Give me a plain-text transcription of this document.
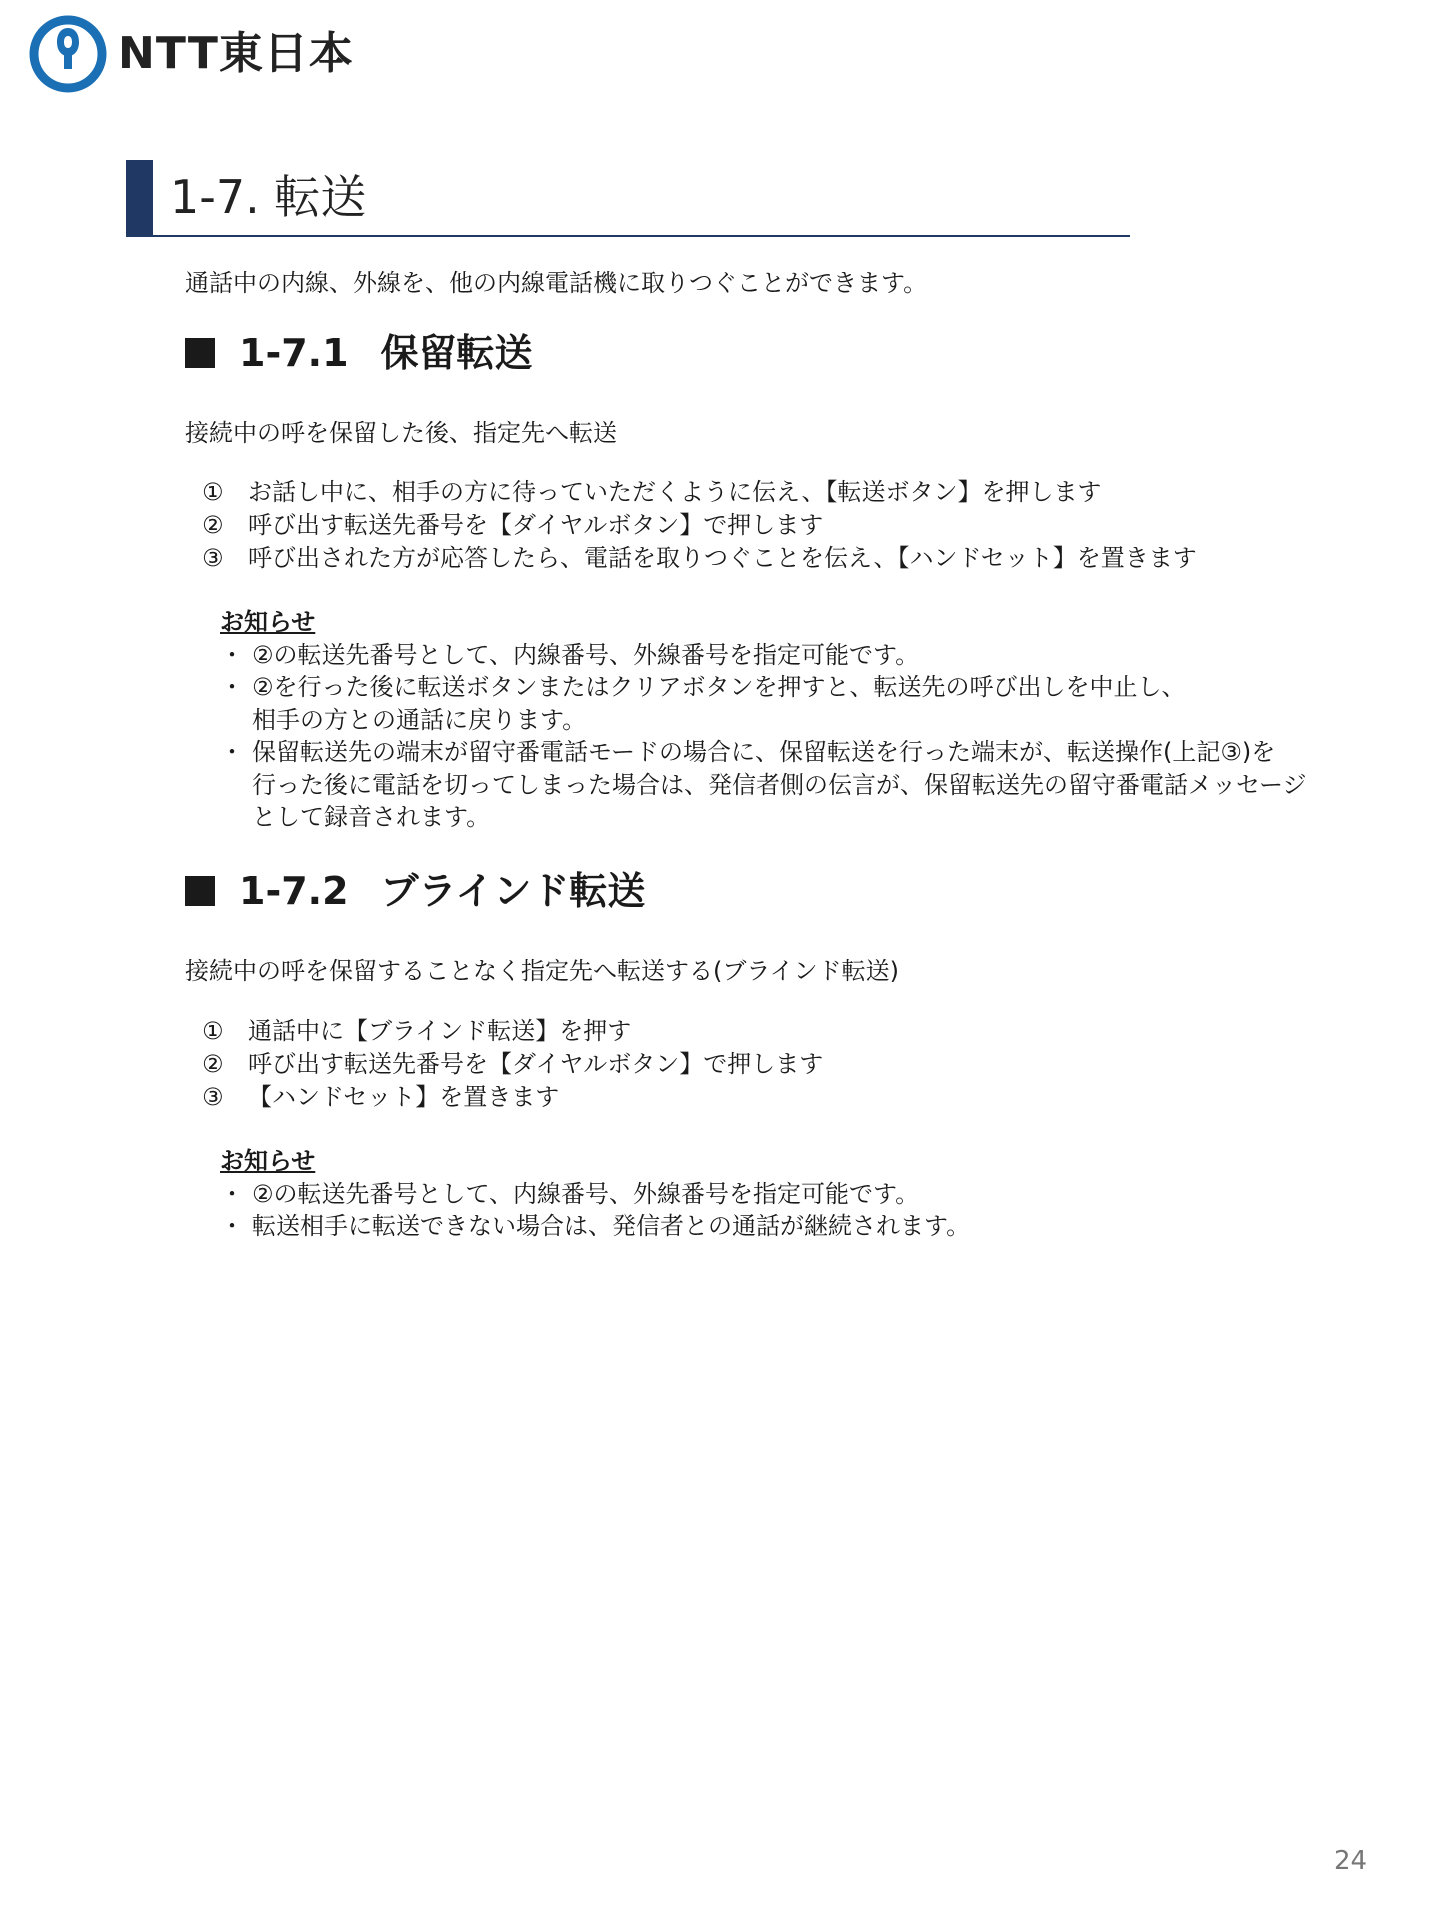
NTT東日本
1-7. 転送
通話中の内線、外線を、他の内線電話機に取りつぐことができます。
1-7.1 保留転送
接続中の呼を保留した後、指定先へ転送
① お話し中に、相手の方に待っていただくように伝え、【転送ボタン】を押します
② 呼び出す転送先番号を【ダイヤルボタン】で押します
③ 呼び出された方が応答したら、電話を取りつぐことを伝え、【ハンドセット】を置きます
お知らせ
・ ②の転送先番号として、内線番号、外線番号を指定可能です。
・ ②を行った後に転送ボタンまたはクリアボタンを押すと、転送先の呼び出しを中止し、
相手の方との通話に戻ります。
・ 保留転送先の端末が留守番電話モードの場合に、保留転送を行った端末が、転送操作(上記③)を
行った後に電話を切ってしまった場合は、発信者側の伝言が、保留転送先の留守番電話メッセージ
として録音されます。
1-7.2 ブラインド転送
接続中の呼を保留することなく指定先へ転送する(ブラインド転送)
① 通話中に【ブラインド転送】を押す
② 呼び出す転送先番号を【ダイヤルボタン】で押します
③ 【ハンドセット】を置きます
お知らせ
・ ②の転送先番号として、内線番号、外線番号を指定可能です。
・ 転送相手に転送できない場合は、発信者との通話が継続されます。
24
